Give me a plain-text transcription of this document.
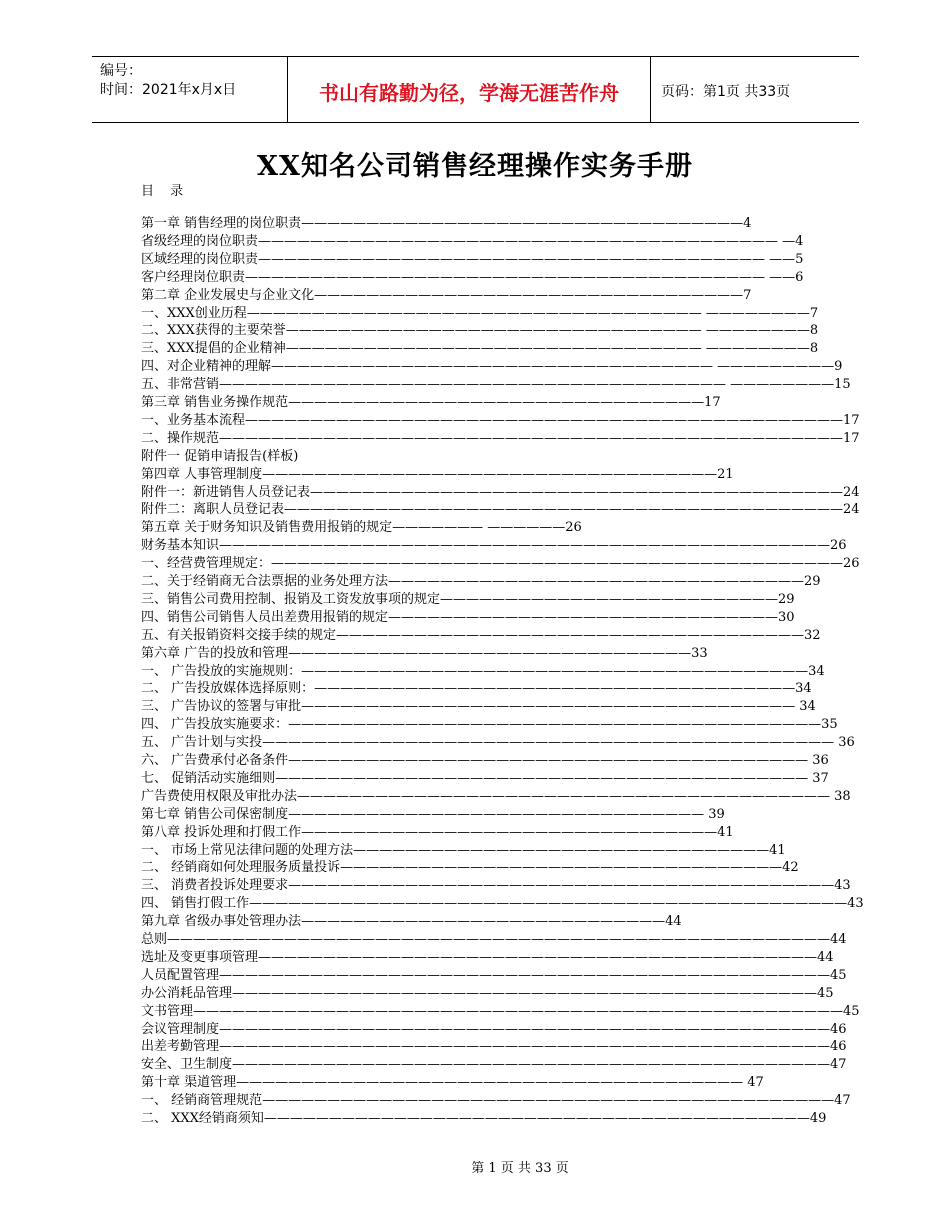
编号：
时间：2021年x月x日	书山有路勤为径，学海无涯苦作舟	页码：第1页 共33页
XX知名公司销售经理操作实务手册
目 录
第一章 销售经理的岗位职责——————————————————————————————————4
省级经理的岗位职责———————————————————————————————————————— —4
区域经理的岗位职责——————————————————————————————————————— ——5
客户经理岗位职责———————————————————————————————————————— ——6
第二章 企业发展史与企业文化—————————————————————————————————7
一、XXX创业历程——————————————————————————————————— ————————7
二、XXX获得的主要荣誉———————————————————————————————— ————————8
三、XXX提倡的企业精神———————————————————————————————— ————————8
四、对企业精神的理解—————————————————————————————————— —————————9
五、非常营销——————————————————————————————————————— ————————15
第三章 销售业务操作规范————————————————————————————————17
一、业务基本流程——————————————————————————————————————————————17
二、操作规范————————————————————————————————————————————————17
附件一 促销申请报告(样板)
第四章 人事管理制度———————————————————————————————————21
附件一：新进销售人员登记表—————————————————————————————————————————24
附件二：离职人员登记表———————————————————————————————————————————24
第五章 关于财务知识及销售费用报销的规定——————— ——————26
财务基本知识———————————————————————————————————————————————26
一、经营费管理规定：————————————————————————————————————————————26
二、关于经销商无合法票据的业务处理方法————————————————————————————————29
三、销售公司费用控制、报销及工资发放事项的规定——————————————————————————29
四、销售公司销售人员出差费用报销的规定——————————————————————————————30
五、有关报销资料交接手续的规定————————————————————————————————————32
第六章 广告的投放和管理———————————————————————————————33
一、 广告投放的实施规则：———————————————————————————————————————34
二、 广告投放媒体选择原则：—————————————————————————————————————34
三、 广告协议的签署与审批—————————————————————————————————————— 34
四、 广告投放实施要求：—————————————————————————————————————————35
五、 广告计划与实投———————————————————————————————————————————— 36
六、 广告费承付必备条件———————————————————————————————————————— 36
七、 促销活动实施细则————————————————————————————————————————— 37
广告费使用权限及审批办法————————————————————————————————————————— 38
第七章 销售公司保密制度———————————————————————————————— 39
第八章 投诉处理和打假工作————————————————————————————————41
一、 市场上常见法律问题的处理方法————————————————————————————————41
二、 经销商如何处理服务质量投诉——————————————————————————————————42
三、 消费者投诉处理要求——————————————————————————————————————————43
四、 销售打假工作——————————————————————————————————————————————43
第九章 省级办事处管理办法————————————————————————————44
总则———————————————————————————————————————————————————44
选址及变更事项管理———————————————————————————————————————————44
人员配置管理———————————————————————————————————————————————45
办公消耗品管理—————————————————————————————————————————————45
文书管理——————————————————————————————————————————————————45
会议管理制度———————————————————————————————————————————————46
出差考勤管理———————————————————————————————————————————————46
安全、卫生制度——————————————————————————————————————————————47
第十章 渠道管理——————————————————————————————————————— 47
一、 经销商管理规范————————————————————————————————————————————47
二、 XXX经销商须知——————————————————————————————————————————49
第 1 页 共 33 页
